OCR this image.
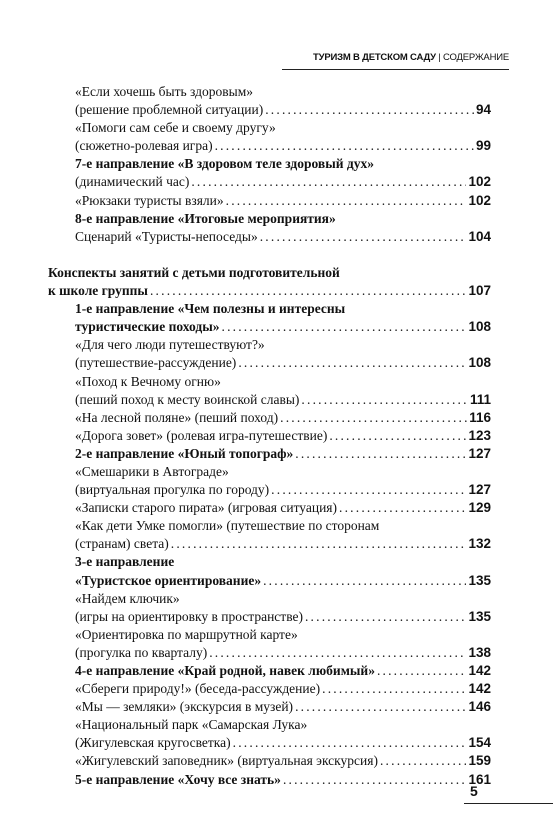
ТУРИЗМ В ДЕТСКОМ САДУ | СОДЕРЖАНИЕ
«Если хочешь быть здоровым»
(решение проблемной ситуации) .....	94
«Помоги сам себе и своему другу»
(сюжетно-ролевая игра) .....	99
7-е направление «В здоровом теле здоровый дух»
(динамический час) .....	102
«Рюкзаки туристы взяли» .....	102
8-е направление «Итоговые мероприятия»
Сценарий «Туристы-непоседы» .....	104
Конспекты занятий с детьми подготовительной
к школе группы .....	107
1-е направление «Чем полезны и интересны
туристические походы» .....	108
«Для чего люди путешествуют?»
(путешествие-рассуждение) .....	108
«Поход к Вечному огню»
(пеший поход к месту воинской славы) .....	111
«На лесной поляне» (пеший поход) .....	116
«Дорога зовет» (ролевая игра-путешествие) .....	123
2-е направление «Юный топограф» .....	127
«Смешарики в Автограде»
(виртуальная прогулка по городу) .....	127
«Записки старого пирата» (игровая ситуация) .....	129
«Как дети Умке помогли» (путешествие по сторонам
(странам) света) .....	132
3-е направление
«Туристское ориентирование» .....	135
«Найдем ключик»
(игры на ориентировку в пространстве) .....	135
«Ориентировка по маршрутной карте»
(прогулка по кварталу) .....	138
4-е направление «Край родной, навек любимый» .....	142
«Сбереги природу!» (беседа-рассуждение) .....	142
«Мы — земляки» (экскурсия в музей) .....	146
«Национальный парк «Самарская Лука»
(Жигулевская кругосветка) .....	154
«Жигулевский заповедник» (виртуальная экскурсия) .....	159
5-е направление «Хочу все знать» .....	161
5
